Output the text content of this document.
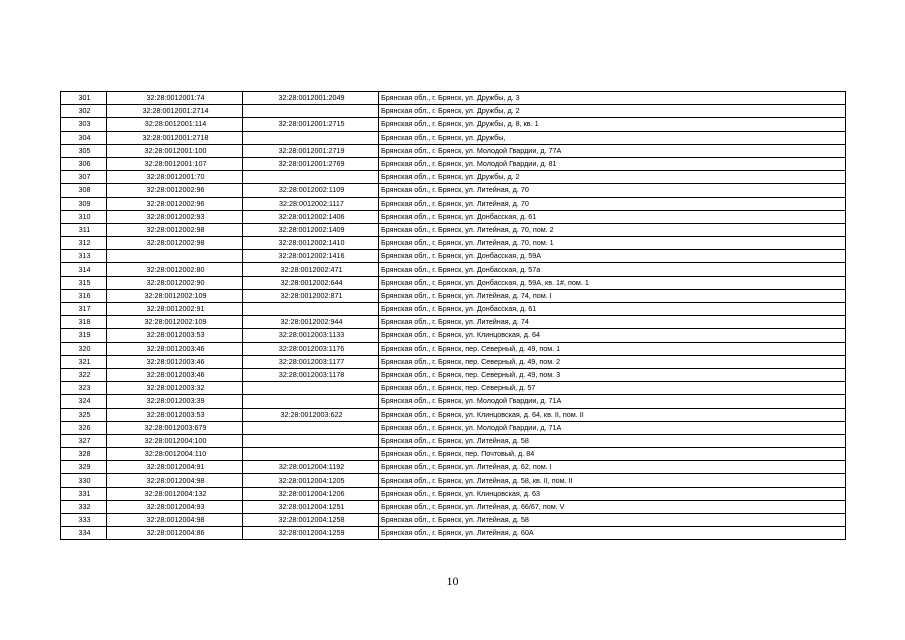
301	32:28:0012001:74	32:28:0012001:2049	Брянская обл., г. Брянск, ул. Дружбы, д. 3
302	32:28:0012001:2714		Брянская обл., г. Брянск, ул. Дружбы, д. 2
303	32:28:0012001:114	32:28:0012001:2715	Брянская обл., г. Брянск, ул. Дружбы, д. 8, кв. 1
304	32:28:0012001:2718		Брянская обл., г. Брянск, ул. Дружбы,
305	32:28:0012001:100	32:28:0012001:2719	Брянская обл., г. Брянск, ул. Молодой Гвардии, д. 77А
306	32:28:0012001:107	32:28:0012001:2769	Брянская обл., г. Брянск, ул. Молодой Гвардии, д. 81
307	32:28:0012001:70		Брянская обл., г. Брянск, ул. Дружбы, д. 2
308	32:28:0012002:96	32:28:0012002:1109	Брянская обл., г. Брянск, ул. Литейная, д. 70
309	32:28:0012002:96	32:28:0012002:1117	Брянская обл., г. Брянск, ул. Литейная, д. 70
310	32:28:0012002:93	32:28:0012002:1406	Брянская обл., г. Брянск, ул. Донбасская, д. 61
311	32:28:0012002:98	32:28:0012002:1409	Брянская обл., г. Брянск, ул. Литейная, д. 70, пом. 2
312	32:28:0012002:98	32:28:0012002:1410	Брянская обл., г. Брянск, ул. Литейная, д. 70, пом. 1
313		32:28:0012002:1416	Брянская обл., г. Брянск, ул. Донбасская, д. 59А
314	32:28:0012002:80	32:28:0012002:471	Брянская обл., г. Брянск, ул. Донбасская, д. 57а
315	32:28:0012002:90	32:28:0012002:644	Брянская обл., г. Брянск, ул. Донбасская, д. 59А, кв. 1#, пом. 1
316	32:28:0012002:109	32:28:0012002:871	Брянская обл., г. Брянск, ул. Литейная, д. 74, пом. I
317	32:28:0012002:91		Брянская обл., г. Брянск, ул. Донбасская, д. 61
318	32:28:0012002:109	32:28:0012002:944	Брянская обл., г. Брянск, ул. Литейная, д. 74
319	32:28:0012003:53	32:28:0012003:1133	Брянская обл., г. Брянск, ул. Клинцовская, д. 64
320	32:28:0012003:46	32:28:0012003:1176	Брянская обл., г. Брянск, пер. Северный, д. 49, пом. 1
321	32:28:0012003:46	32:28:0012003:1177	Брянская обл., г. Брянск, пер. Северный, д. 49, пом. 2
322	32:28:0012003:46	32:28:0012003:1178	Брянская обл., г. Брянск, пер. Северный, д. 49, пом. 3
323	32:28:0012003:32		Брянская обл., г. Брянск, пер. Северный, д. 57
324	32:28:0012003:39		Брянская обл., г. Брянск, ул. Молодой Гвардии, д. 71А
325	32:28:0012003:53	32:28:0012003:622	Брянская обл., г. Брянск, ул. Клинцовская, д. 64, кв. II, пом. II
326	32:28:0012003:679		Брянская обл., г. Брянск, ул. Молодой Гвардии, д. 71А
327	32:28:0012004:100		Брянская обл., г. Брянск, ул. Литейная, д. 58
328	32:28:0012004:110		Брянская обл., г. Брянск, пер. Почтовый, д. 84
329	32:28:0012004:91	32:28:0012004:1192	Брянская обл., г. Брянск, ул. Литейная, д. 62, пом. I
330	32:28:0012004:98	32:28:0012004:1205	Брянская обл., г. Брянск, ул. Литейная, д. 58, кв. II, пом. II
331	32:28:0012004:132	32:28:0012004:1206	Брянская обл., г. Брянск, ул. Клинцовская, д. 63
332	32:28:0012004:93	32:28:0012004:1251	Брянская обл., г. Брянск, ул. Литейная, д. 66/67, пом. V
333	32:28:0012004:98	32:28:0012004:1258	Брянская обл., г. Брянск, ул. Литейная, д. 58
334	32:28:0012004:86	32:28:0012004:1259	Брянская обл., г. Брянск, ул. Литейная, д. 60А
10
